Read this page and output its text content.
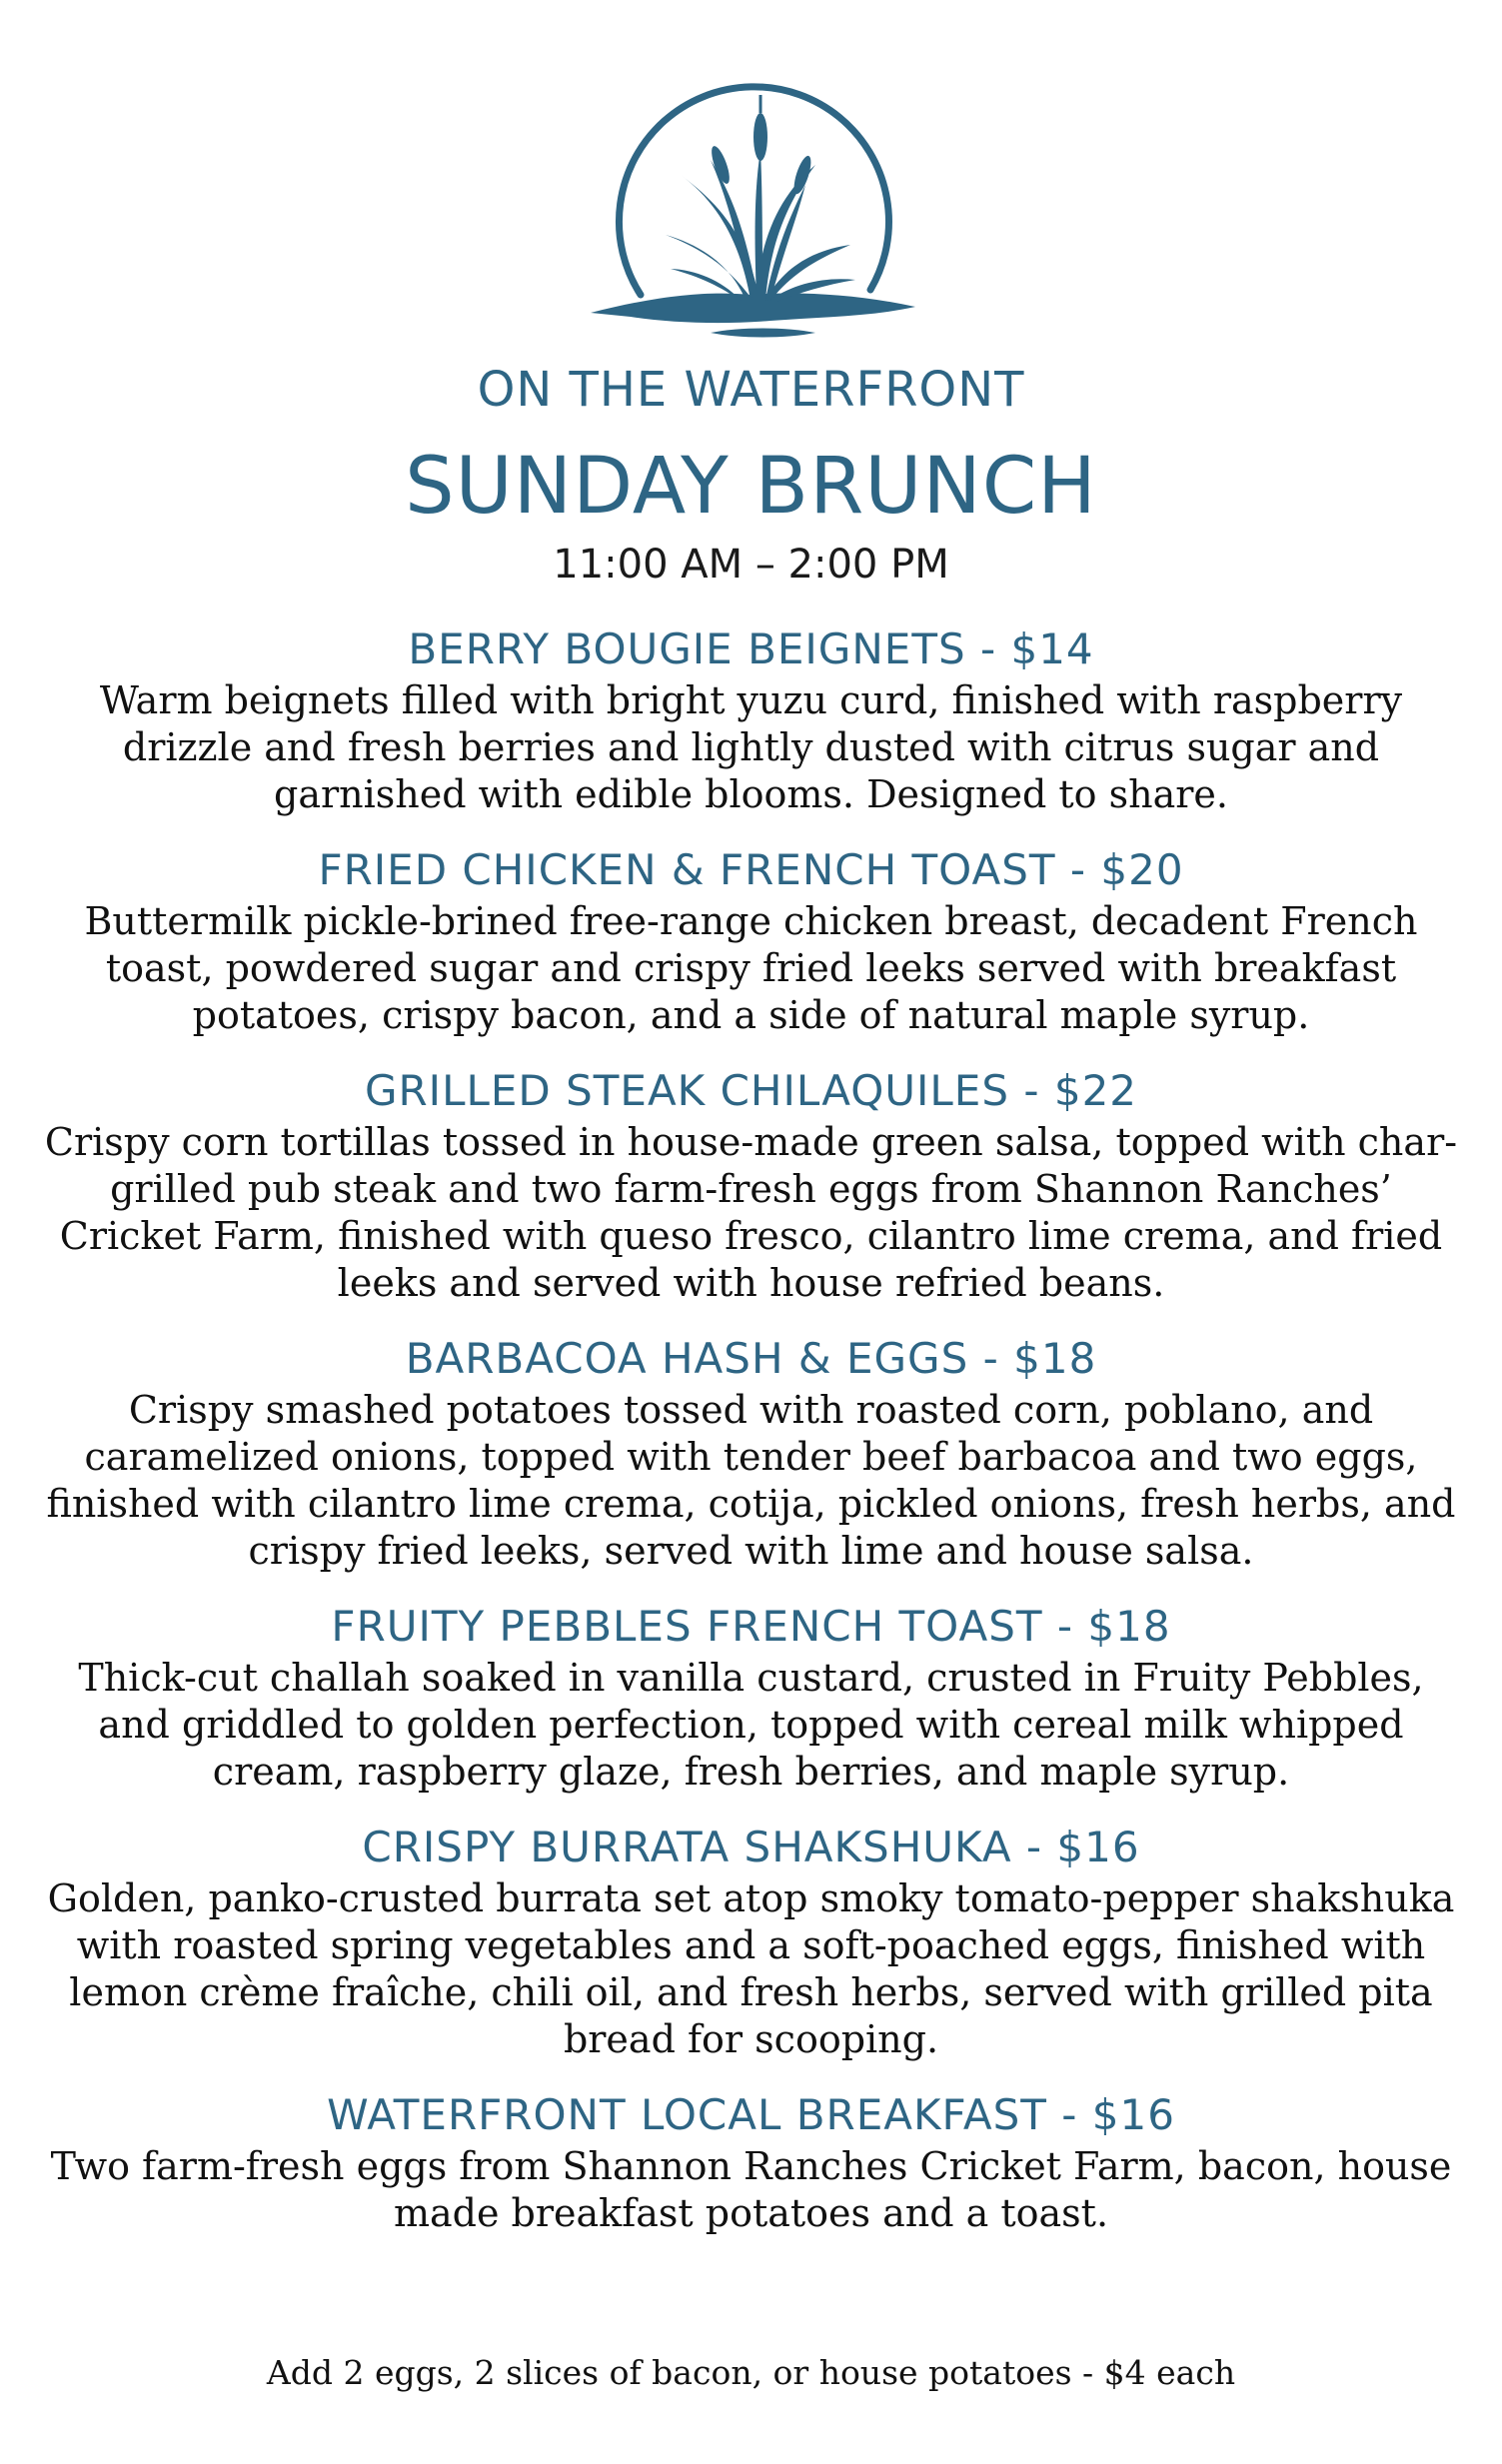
ON THE WATERFRONT
SUNDAY BRUNCH
11:00 AM – 2:00 PM
BERRY BOUGIE BEIGNETS - $14
Warm beignets filled with bright yuzu curd, finished with raspberry drizzle and fresh berries and lightly dusted with citrus sugar and garnished with edible blooms. Designed to share.
FRIED CHICKEN & FRENCH TOAST - $20
Buttermilk pickle-brined free-range chicken breast, decadent French toast, powdered sugar and crispy fried leeks served with breakfast potatoes, crispy bacon, and a side of natural maple syrup.
GRILLED STEAK CHILAQUILES - $22
Crispy corn tortillas tossed in house-made green salsa, topped with char-grilled pub steak and two farm-fresh eggs from Shannon Ranches’ Cricket Farm, finished with queso fresco, cilantro lime crema, and fried leeks and served with house refried beans.
BARBACOA HASH & EGGS - $18
Crispy smashed potatoes tossed with roasted corn, poblano, and caramelized onions, topped with tender beef barbacoa and two eggs, finished with cilantro lime crema, cotija, pickled onions, fresh herbs, and crispy fried leeks, served with lime and house salsa.
FRUITY PEBBLES FRENCH TOAST - $18
Thick-cut challah soaked in vanilla custard, crusted in Fruity Pebbles, and griddled to golden perfection, topped with cereal milk whipped cream, raspberry glaze, fresh berries, and maple syrup.
CRISPY BURRATA SHAKSHUKA - $16
Golden, panko-crusted burrata set atop smoky tomato-pepper shakshuka with roasted spring vegetables and a soft-poached eggs, finished with lemon crème fraîche, chili oil, and fresh herbs, served with grilled pita bread for scooping.
WATERFRONT LOCAL BREAKFAST - $16
Two farm-fresh eggs from Shannon Ranches Cricket Farm, bacon, house made breakfast potatoes and a toast.
Add 2 eggs, 2 slices of bacon, or house potatoes - $4 each
